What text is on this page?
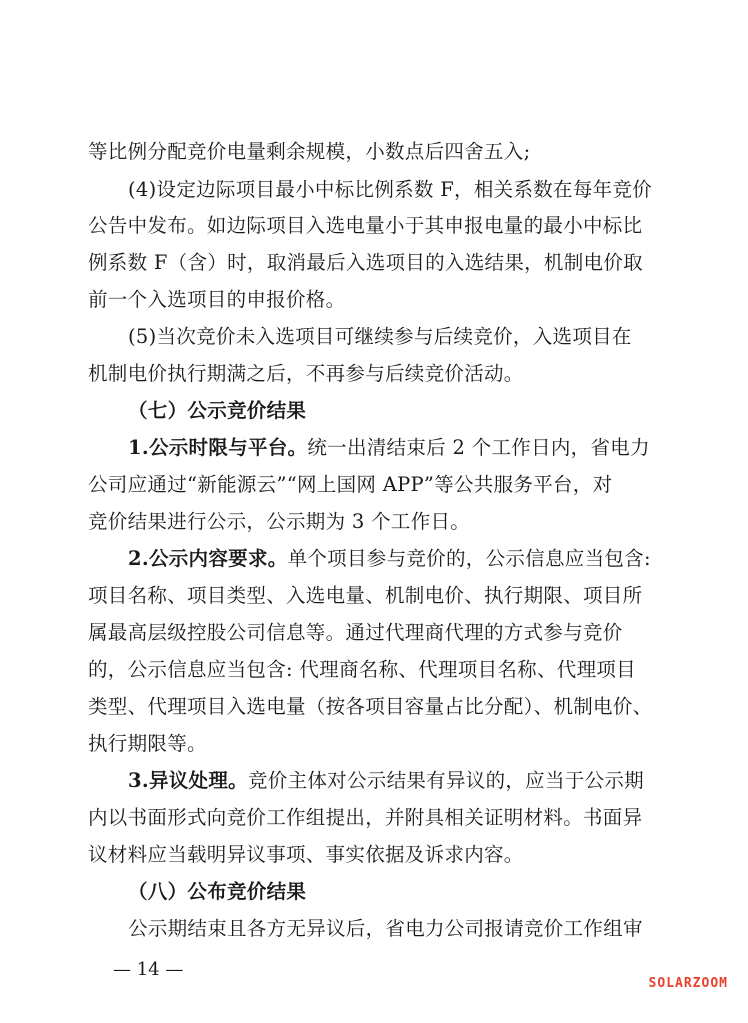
等比例分配竞价电量剩余规模，小数点后四舍五入;
(4)设定边际项目最小中标比例系数 F，相关系数在每年竞价
公告中发布。如边际项目入选电量小于其申报电量的最小中标比
例系数 F（含）时，取消最后入选项目的入选结果，机制电价取
前一个入选项目的申报价格。
(5)当次竞价未入选项目可继续参与后续竞价，入选项目在
机制电价执行期满之后，不再参与后续竞价活动。
（七）公示竞价结果
1.公示时限与平台。统一出清结束后 2 个工作日内，省电力
公司应通过“新能源云”“网上国网 APP”等公共服务平台，对
竞价结果进行公示，公示期为 3 个工作日。
2.公示内容要求。单个项目参与竞价的，公示信息应当包含:
项目名称、项目类型、入选电量、机制电价、执行期限、项目所
属最高层级控股公司信息等。通过代理商代理的方式参与竞价
的，公示信息应当包含: 代理商名称、代理项目名称、代理项目
类型、代理项目入选电量（按各项目容量占比分配）、机制电价、
执行期限等。
3.异议处理。竞价主体对公示结果有异议的，应当于公示期
内以书面形式向竞价工作组提出，并附具相关证明材料。书面异
议材料应当载明异议事项、事实依据及诉求内容。
（八）公布竞价结果
公示期结束且各方无异议后，省电力公司报请竞价工作组审
— 14 —
SOLARZOOM
